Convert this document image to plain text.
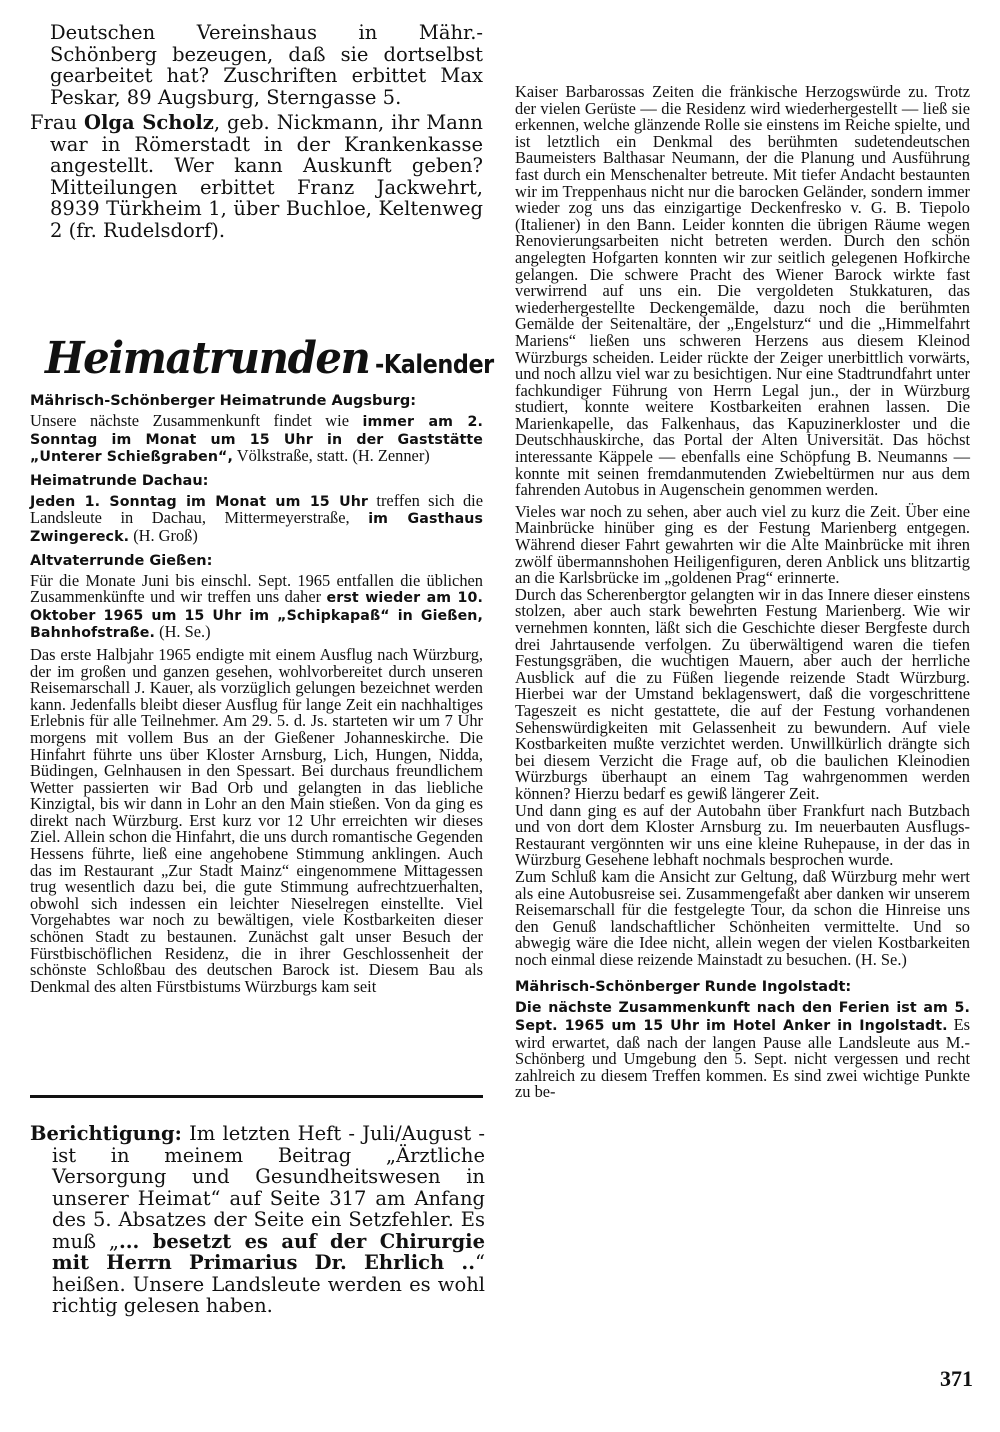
Deutschen Vereinshaus in Mähr.-Schönberg bezeugen, daß sie dortselbst gearbeitet hat? Zuschriften erbittet Max Peskar, 89 Augsburg, Sterngasse 5.

Frau Olga Scholz, geb. Nickmann, ihr Mann war in Römerstadt in der Krankenkasse angestellt. Wer kann Auskunft geben? Mitteilungen erbittet Franz Jackwehrt, 8939 Türkheim 1, über Buchloe, Keltenweg 2 (fr. Rudelsdorf).

Heimatrunden -Kalender
Mährisch-Schönberger Heimatrunde Augsburg:

Unsere nächste Zusammenkunft findet wie immer am 2. Sonntag im Monat um 15 Uhr in der Gaststätte „Unterer Schießgraben“, Völkstraße, statt. (H. Zenner)

Heimatrunde Dachau:

Jeden 1. Sonntag im Monat um 15 Uhr treffen sich die Landsleute in Dachau, Mittermeyerstraße, im Gasthaus Zwingereck. (H. Groß)

Altvaterrunde Gießen:

Für die Monate Juni bis einschl. Sept. 1965 entfallen die üblichen Zusammenkünfte und wir treffen uns daher erst wieder am 10. Oktober 1965 um 15 Uhr im „Schipkapaß“ in Gießen, Bahnhofstraße. (H. Se.)

Das erste Halbjahr 1965 endigte mit einem Ausflug nach Würzburg, der im großen und ganzen gesehen, wohlvorbereitet durch unseren Reisemarschall J. Kauer, als vorzüglich gelungen bezeichnet werden kann. Jedenfalls bleibt dieser Ausflug für lange Zeit ein nachhaltiges Erlebnis für alle Teilnehmer. Am 29. 5. d. Js. starteten wir um 7 Uhr morgens mit vollem Bus an der Gießener Johanneskirche. Die Hinfahrt führte uns über Kloster Arnsburg, Lich, Hungen, Nidda, Büdingen, Gelnhausen in den Spessart. Bei durchaus freundlichem Wetter passierten wir Bad Orb und gelangten in das liebliche Kinzigtal, bis wir dann in Lohr an den Main stießen. Von da ging es direkt nach Würzburg. Erst kurz vor 12 Uhr erreichten wir dieses Ziel. Allein schon die Hinfahrt, die uns durch romantische Gegenden Hessens führte, ließ eine angehobene Stimmung anklingen. Auch das im Restaurant „Zur Stadt Mainz“ eingenommene Mittagessen trug wesentlich dazu bei, die gute Stimmung aufrechtzuerhalten, obwohl sich indessen ein leichter Nieselregen einstellte. Viel Vorgehabtes war noch zu bewältigen, viele Kostbarkeiten dieser schönen Stadt zu bestaunen. Zunächst galt unser Besuch der Fürstbischöflichen Residenz, die in ihrer Geschlossenheit der schönste Schloßbau des deutschen Barock ist. Diesem Bau als Denkmal des alten Fürstbistums Würzburgs kam seit

Berichtigung: Im letzten Heft - Juli/August - ist in meinem Beitrag „Ärztliche Versorgung und Gesundheitswesen in unserer Heimat“ auf Seite 317 am Anfang des 5. Absatzes der Seite ein Setzfehler. Es muß „... besetzt es auf der Chirurgie mit Herrn Primarius Dr. Ehrlich ..“ heißen. Unsere Landsleute werden es wohl richtig gelesen haben.

Kaiser Barbarossas Zeiten die fränkische Herzogswürde zu. Trotz der vielen Gerüste — die Residenz wird wiederhergestellt — ließ sie erkennen, welche glänzende Rolle sie einstens im Reiche spielte, und ist letztlich ein Denkmal des berühmten sudetendeutschen Baumeisters Balthasar Neumann, der die Planung und Ausführung fast durch ein Menschenalter betreute. Mit tiefer Andacht bestaunten wir im Treppenhaus nicht nur die barocken Geländer, sondern immer wieder zog uns das einzigartige Deckenfresko v. G. B. Tiepolo (Italiener) in den Bann. Leider konnten die übrigen Räume wegen Renovierungsarbeiten nicht betreten werden. Durch den schön angelegten Hofgarten konnten wir zur seitlich gelegenen Hofkirche gelangen. Die schwere Pracht des Wiener Barock wirkte fast verwirrend auf uns ein. Die vergoldeten Stukkaturen, das wiederhergestellte Deckengemälde, dazu noch die berühmten Gemälde der Seitenaltäre, der „Engelsturz“ und die „Himmelfahrt Mariens“ ließen uns schweren Herzens aus diesem Kleinod Würzburgs scheiden. Leider rückte der Zeiger unerbittlich vorwärts, und noch allzu viel war zu besichtigen. Nur eine Stadtrundfahrt unter fachkundiger Führung von Herrn Legal jun., der in Würzburg studiert, konnte weitere Kostbarkeiten erahnen lassen. Die Marienkapelle, das Falkenhaus, das Kapuzinerkloster und die Deutschhauskirche, das Portal der Alten Universität. Das höchst interessante Käppele — ebenfalls eine Schöpfung B. Neumanns — konnte mit seinen fremdanmutenden Zwiebeltürmen nur aus dem fahrenden Autobus in Augenschein genommen werden.

Vieles war noch zu sehen, aber auch viel zu kurz die Zeit. Über eine Mainbrücke hinüber ging es der Festung Marienberg entgegen. Während dieser Fahrt gewahrten wir die Alte Mainbrücke mit ihren zwölf übermannshohen Heiligenfiguren, deren Anblick uns blitzartig an die Karlsbrücke im „goldenen Prag“ erinnerte.

Durch das Scherenbergtor gelangten wir in das Innere dieser einstens stolzen, aber auch stark bewehrten Festung Marienberg. Wie wir vernehmen konnten, läßt sich die Geschichte dieser Bergfeste durch drei Jahrtausende verfolgen. Zu überwältigend waren die tiefen Festungsgräben, die wuchtigen Mauern, aber auch der herrliche Ausblick auf die zu Füßen liegende reizende Stadt Würzburg. Hierbei war der Umstand beklagenswert, daß die vorgeschrittene Tageszeit es nicht gestattete, die auf der Festung vorhandenen Sehenswürdigkeiten mit Gelassenheit zu bewundern. Auf viele Kostbarkeiten mußte verzichtet werden. Unwillkürlich drängte sich bei diesem Verzicht die Frage auf, ob die baulichen Kleinodien Würzburgs überhaupt an einem Tag wahrgenommen werden können? Hierzu bedarf es gewiß längerer Zeit.

Und dann ging es auf der Autobahn über Frankfurt nach Butzbach und von dort dem Kloster Arnsburg zu. Im neuerbauten Ausflugs-Restaurant vergönnten wir uns eine kleine Ruhepause, in der das in Würzburg Gesehene lebhaft nochmals besprochen wurde.

Zum Schluß kam die Ansicht zur Geltung, daß Würzburg mehr wert als eine Autobusreise sei. Zusammengefaßt aber danken wir unserem Reisemarschall für die festgelegte Tour, da schon die Hinreise uns den Genuß landschaftlicher Schönheiten vermittelte. Und so abwegig wäre die Idee nicht, allein wegen der vielen Kostbarkeiten noch einmal diese reizende Mainstadt zu besuchen. (H. Se.)

Mährisch-Schönberger Runde Ingolstadt:

Die nächste Zusammenkunft nach den Ferien ist am 5. Sept. 1965 um 15 Uhr im Hotel Anker in Ingolstadt. Es wird erwartet, daß nach der langen Pause alle Landsleute aus M.-Schönberg und Umgebung den 5. Sept. nicht vergessen und recht zahlreich zu diesem Treffen kommen. Es sind zwei wichtige Punkte zu be-

371
